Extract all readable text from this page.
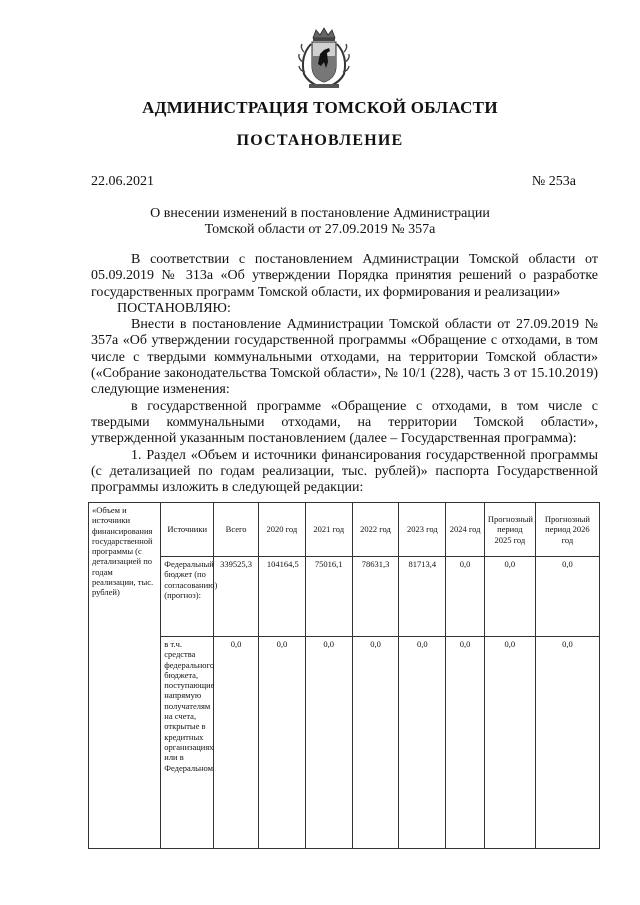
АДМИНИСТРАЦИЯ ТОМСКОЙ ОБЛАСТИ
ПОСТАНОВЛЕНИЕ
22.06.2021	№ 253а
О внесении изменений в постановление Администрации
Томской области от 27.09.2019 № 357а

В соответствии с постановлением Администрации Томской области от 05.09.2019 № 313а «Об утверждении Порядка принятия решений о разработке государственных программ Томской области, их формирования и реализации»

ПОСТАНОВЛЯЮ:

Внести в постановление Администрации Томской области от 27.09.2019 № 357а «Об утверждении государственной программы «Обращение с отходами, в том числе с твердыми коммунальными отходами, на территории Томской области» («Собрание законодательства Томской области», № 10/1 (228), часть 3 от 15.10.2019) следующие изменения:

в государственной программе «Обращение с отходами, в том числе с твердыми коммунальными отходами, на территории Томской области», утвержденной указанным постановлением (далее – Государственная программа):

1. Раздел «Объем и источники финансирования государственной программы (с детализацией по годам реализации, тыс. рублей)» паспорта Государственной программы изложить в следующей редакции:

«Объем и источники финансирования государственной программы (с детализацией по годам реализации, тыс. рублей)	Источники	Всего	2020 год	2021 год	2022 год	2023 год	2024 год	Прогнозный период 2025 год	Прогнозный период 2026 год
	Федеральный бюджет (по согласованию) (прогноз):	339525,3	104164,5	75016,1	78631,3	81713,4	0,0	0,0	0,0
	в т.ч. средства федерального бюджета, поступающие напрямую получателям на счета, открытые в кредитных организациях или в Федеральном	0,0	0,0	0,0	0,0	0,0	0,0	0,0	0,0
